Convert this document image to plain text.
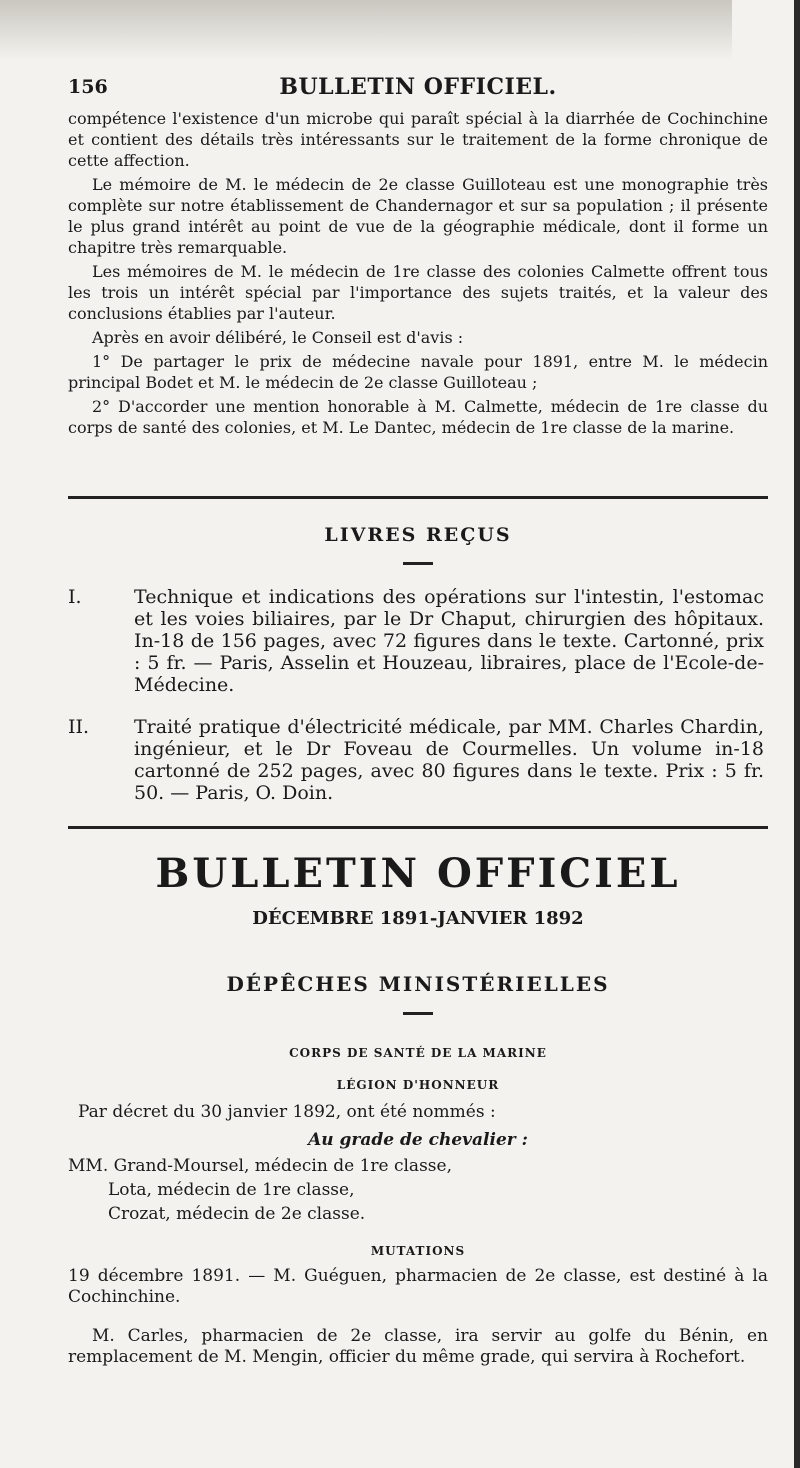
156	BULLETIN OFFICIEL.

compétence l'existence d'un microbe qui paraît spécial à la diarrhée de Cochinchine et contient des détails très intéressants sur le traitement de la forme chronique de cette affection.

Le mémoire de M. le médecin de 2e classe Guilloteau est une monographie très complète sur notre établissement de Chandernagor et sur sa population ; il présente le plus grand intérêt au point de vue de la géographie médicale, dont il forme un chapitre très remarquable.

Les mémoires de M. le médecin de 1re classe des colonies Calmette offrent tous les trois un intérêt spécial par l'importance des sujets traités, et la valeur des conclusions établies par l'auteur.

Après en avoir délibéré, le Conseil est d'avis :

1° De partager le prix de médecine navale pour 1891, entre M. le médecin principal Bodet et M. le médecin de 2e classe Guilloteau ;

2° D'accorder une mention honorable à M. Calmette, médecin de 1re classe du corps de santé des colonies, et M. Le Dantec, médecin de 1re classe de la marine.

LIVRES REÇUS
I.	Technique et indications des opérations sur l'intestin, l'estomac et les voies biliaires, par le Dr Chaput, chirurgien des hôpitaux. In-18 de 156 pages, avec 72 figures dans le texte. Cartonné, prix : 5 fr. — Paris, Asselin et Houzeau, libraires, place de l'Ecole-de-Médecine.
II.	Traité pratique d'électricité médicale, par MM. Charles Chardin, ingénieur, et le Dr Foveau de Courmelles. Un volume in-18 cartonné de 252 pages, avec 80 figures dans le texte. Prix : 5 fr. 50. — Paris, O. Doin.
BULLETIN OFFICIEL
DÉCEMBRE 1891-JANVIER 1892
DÉPÊCHES MINISTÉRIELLES
CORPS DE SANTÉ DE LA MARINE
LÉGION D'HONNEUR
Par décret du 30 janvier 1892, ont été nommés :
Au grade de chevalier :
MM. Grand-Moursel, médecin de 1re classe,
Lota, médecin de 1re classe,
Crozat, médecin de 2e classe.
MUTATIONS
19 décembre 1891. — M. Guéguen, pharmacien de 2e classe, est destiné à la Cochinchine.
M. Carles, pharmacien de 2e classe, ira servir au golfe du Bénin, en remplacement de M. Mengin, officier du même grade, qui servira à Rochefort.
